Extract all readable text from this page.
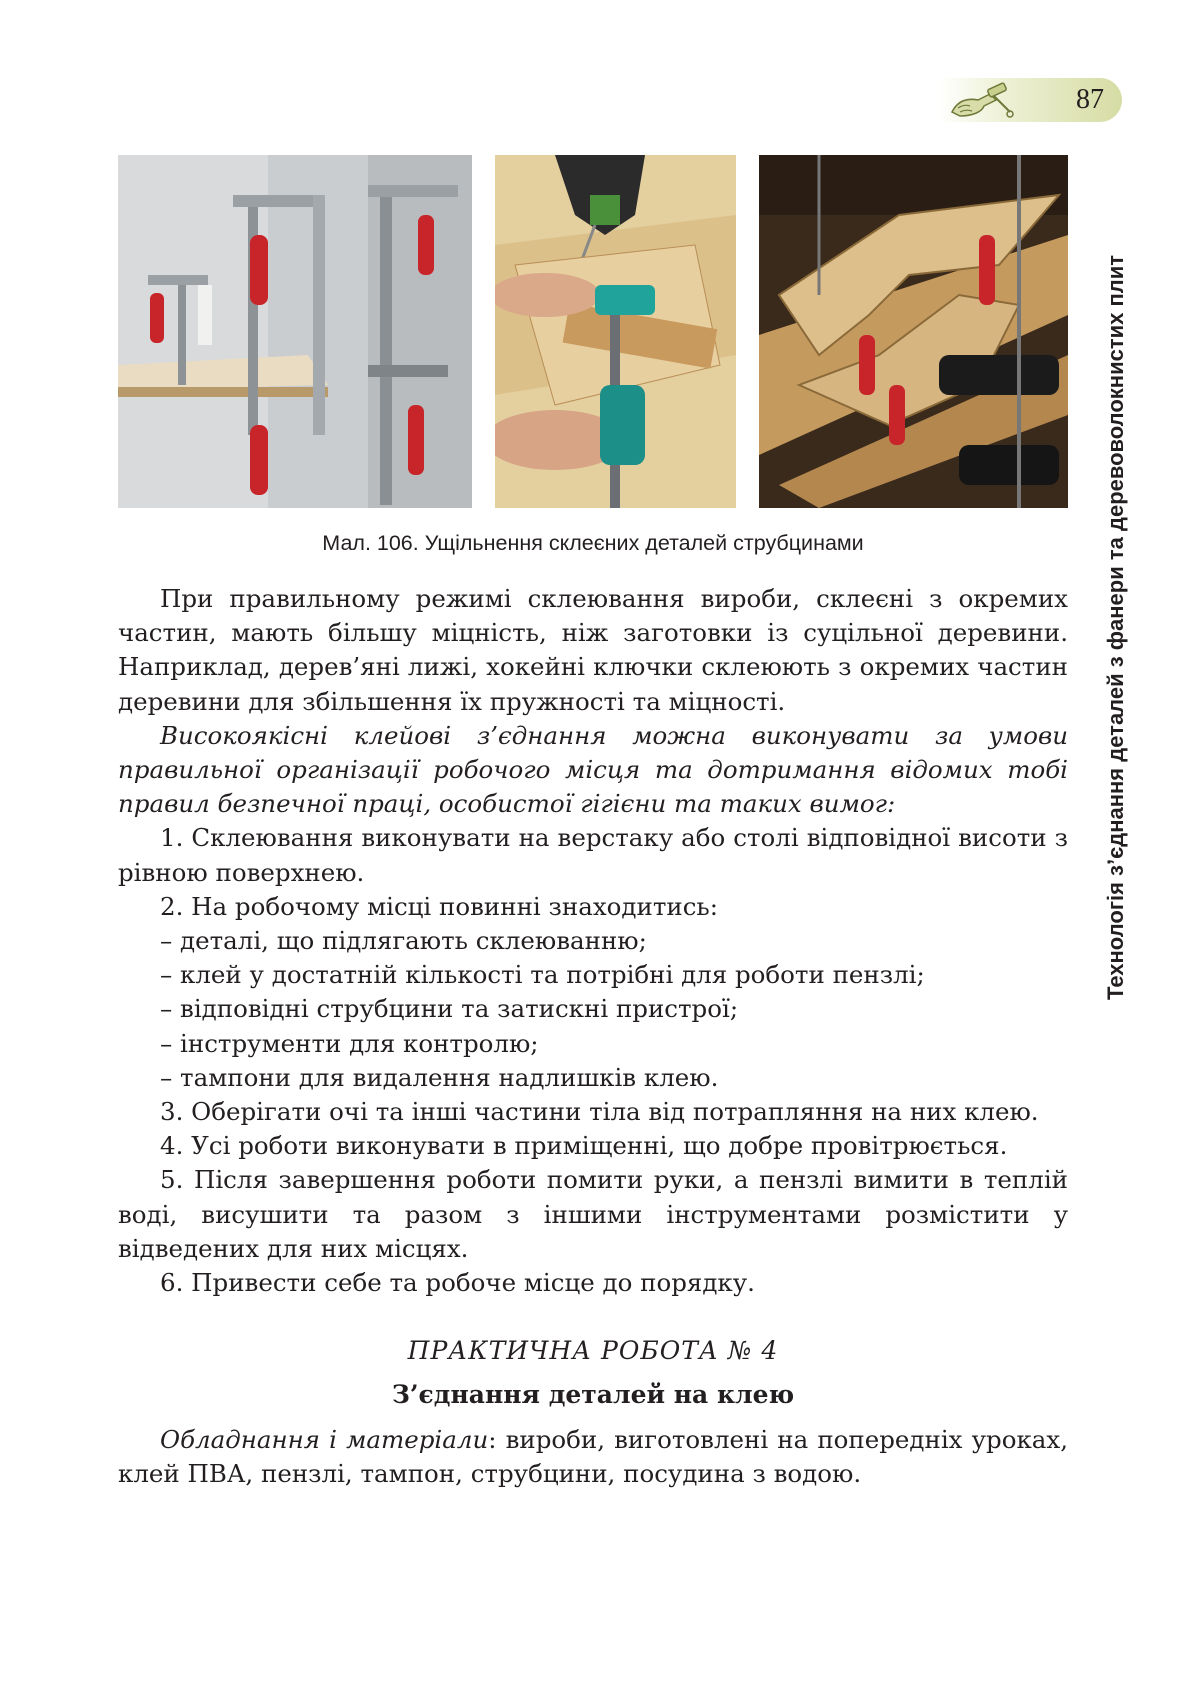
87
Мал. 106. Ущільнення склеєних деталей струбцинами	Технологія з’єднання деталей з фанери та деревоволокнистих плит

При правильному режимі склеювання вироби, склеєні з окремих частин, мають більшу міцність, ніж заготовки із суцільної деревини. Наприклад, дерев’яні лижі, хокейні ключки склеюють з окремих частин деревини для збільшення їх пружності та міцності.

Високоякісні клейові з’єднання можна виконувати за умови правильної організації робочого місця та дотримання відомих тобі правил безпечної праці, особистої гігієни та таких вимог:

1. Склеювання виконувати на верстаку або столі відповідної висоти з рівною поверхнею.

2. На робочому місці повинні знаходитись:

– деталі, що підлягають склеюванню;

– клей у достатній кількості та потрібні для роботи пензлі;

– відповідні струбцини та затискні пристрої;

– інструменти для контролю;

– тампони для видалення надлишків клею.

3. Оберігати очі та інші частини тіла від потрапляння на них клею.

4. Усі роботи виконувати в приміщенні, що добре провітрюється.

5. Після завершення роботи помити руки, а пензлі вимити в теплій воді, висушити та разом з іншими інструментами розмістити у відведених для них місцях.

6. Привести себе та робоче місце до порядку.

ПРАКТИЧНА РОБОТА № 4

З’єднання деталей на клею

Обладнання і матеріали: вироби, виготовлені на попередніх уроках, клей ПВА, пензлі, тампон, струбцини, посудина з водою.
